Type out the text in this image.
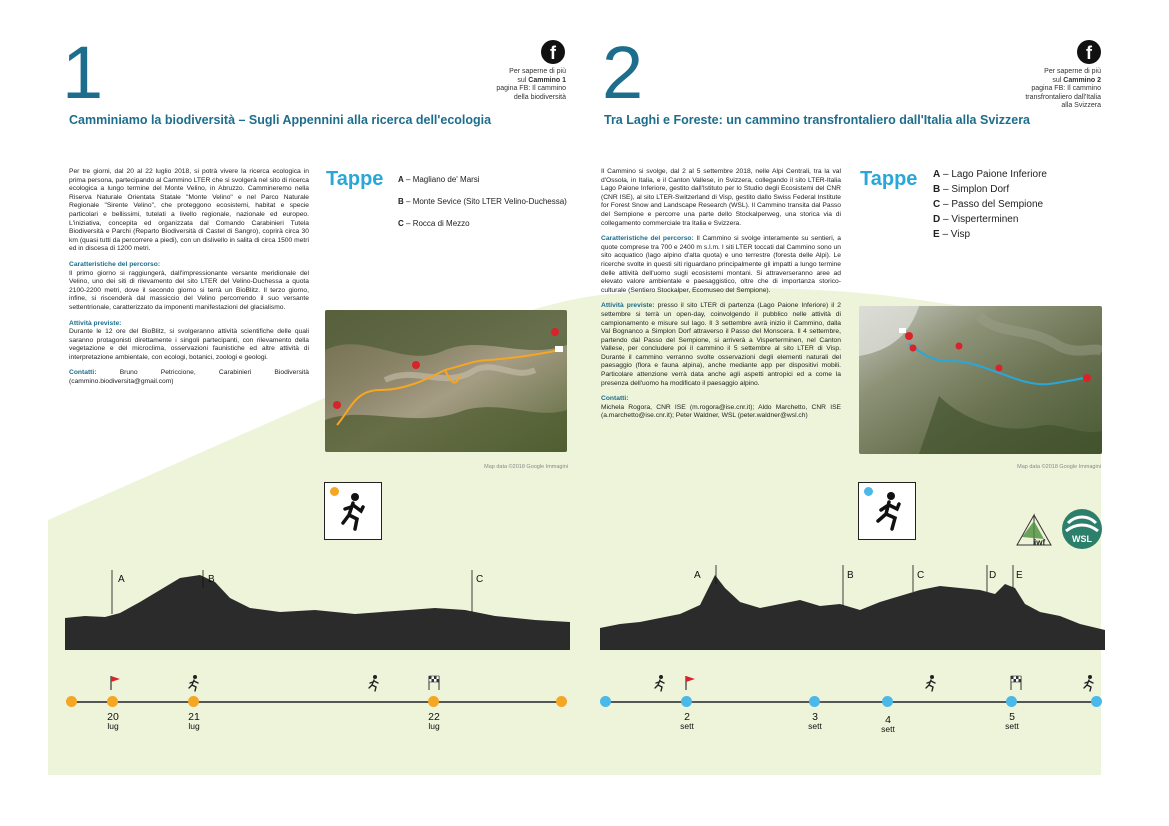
1	f
Per saperne di più
sul Cammino 1
pagina FB: Il cammino
della biodiversità
Camminiamo la biodiversità – Sugli Appennini alla ricerca dell'ecologia

Per tre giorni, dal 20 al 22 luglio 2018, si potrà vivere la ricerca ecologica in prima persona, partecipando al Cammino LTER che si svolgerà nel sito di ricerca ecologica a lungo termine del Monte Velino, in Abruzzo. Cammineremo nella Riserva Naturale Orientata Statale "Monte Velino" e nel Parco Naturale Regionale "Sirente Velino", che proteggono ecosistemi, habitat e specie particolari e bellissimi, tutelati a livello regionale, nazionale ed europeo. L'iniziativa, concepita ed organizzata dal Comando Carabinieri Tutela Biodiversità e Parchi (Reparto Biodiversità di Castel di Sangro), coprirà circa 30 km (quasi tutti da percorrere a piedi), con un dislivello in salita di circa 1500 metri ed in discesa di 1200 metri.

Caratteristiche del percorso:
Il primo giorno si raggiungerà, dall'impressionante versante meridionale del Velino, uno dei siti di rilevamento del sito LTER del Velino-Duchessa a quota 2100-2200 metri, dove il secondo giorno si terrà un BioBlitz. Il terzo giorno, infine, si riscenderà dal massiccio del Velino percorrendo il suo versante settentrionale, caratterizzato da imponenti manifestazioni del glacialismo.

Attività previste:
Durante le 12 ore del BioBlitz, si svolgeranno attività scientifiche delle quali saranno protagonisti direttamente i singoli partecipanti, con rilevamento della vegetazione e del microclima, osservazioni faunistiche ed altre attività di interpretazione ambientale, con ecologi, botanici, zoologi e geologi.

Contatti: Bruno Petriccione, Carabinieri Biodiversità (cammino.biodiversita@gmail.com)

Tappe A – Magliano de' Marsi
B – Monte Sevice (Sito LTER Velino-Duchessa)
C – Rocca di Mezzo
Map data ©2018 Google Immagini
A	B	C
20
lug
21
lug
22
lug
2	f
Per saperne di più
sul Cammino 2
pagina FB: Il cammino
transfrontaliero dall'Italia
alla Svizzera
Tra Laghi e Foreste: un cammino transfrontaliero dall'Italia alla Svizzera

Il Cammino si svolge, dal 2 al 5 settembre 2018, nelle Alpi Centrali, tra la val d'Ossola, in Italia, e il Canton Vallese, in Svizzera, collegando il sito LTER-Italia Lago Paione Inferiore, gestito dall'Istituto per lo Studio degli Ecosistemi del CNR (CNR ISE), al sito LTER-Switzerland di Visp, gestito dallo Swiss Federal Institute for Forest Snow and Landscape Research (WSL). Il Cammino transita dal Passo del Sempione e percorre una parte dello Stockalperweg, una storica via di collegamento commerciale tra Italia e Svizzera.

Caratteristiche del percorso: Il Cammino si svolge interamente su sentieri, a quote comprese tra 700 e 2400 m s.l.m. I siti LTER toccati dal Cammino sono un sito acquatico (lago alpino d'alta quota) e uno terrestre (foresta delle Alpi). Le ricerche svolte in questi siti riguardano principalmente gli impatti a lungo termine delle attività dell'uomo sugli ecosistemi montani. Si attraverseranno aree ad elevato valore ambientale e paesaggistico, oltre che di importanza storico-culturale (Sentiero Stockalper, Ecomuseo del Sempione).

Attività previste: presso il sito LTER di partenza (Lago Paione Inferiore) il 2 settembre si terrà un open-day, coinvolgendo il pubblico nelle attività di campionamento e misure sul lago. Il 3 settembre avrà inizio il Cammino, dalla Val Bognanco a Simplon Dorf attraverso il Passo del Monscera. Il 4 settembre, partendo dal Passo del Sempione, si arriverà a Visperterminen, nel Canton Vallese, per concludere poi il cammino il 5 settembre al sito LTER di Visp. Durante il cammino verranno svolte osservazioni degli elementi naturali del paesaggio (flora e fauna alpina), anche mediante app per dispositivi mobili. Particolare attenzione verrà data anche agli aspetti antropici ed a come la presenza dell'uomo ha modificato il paesaggio alpino.

Contatti:
Michela Rogora, CNR ISE (m.rogora@ise.cnr.it); Aldo Marchetto, CNR ISE (a.marchetto@ise.cnr.it); Peter Waldner, WSL (peter.waldner@wsl.ch)

Tappe A – Lago Paione Inferiore
B – Simplon Dorf
C – Passo del Sempione
D – Visperterminen
E – Visp
Map data ©2018 Google Immagini
iwf	WSL
A	B	C	D E
2
sett
3
sett	4
sett
5
sett
